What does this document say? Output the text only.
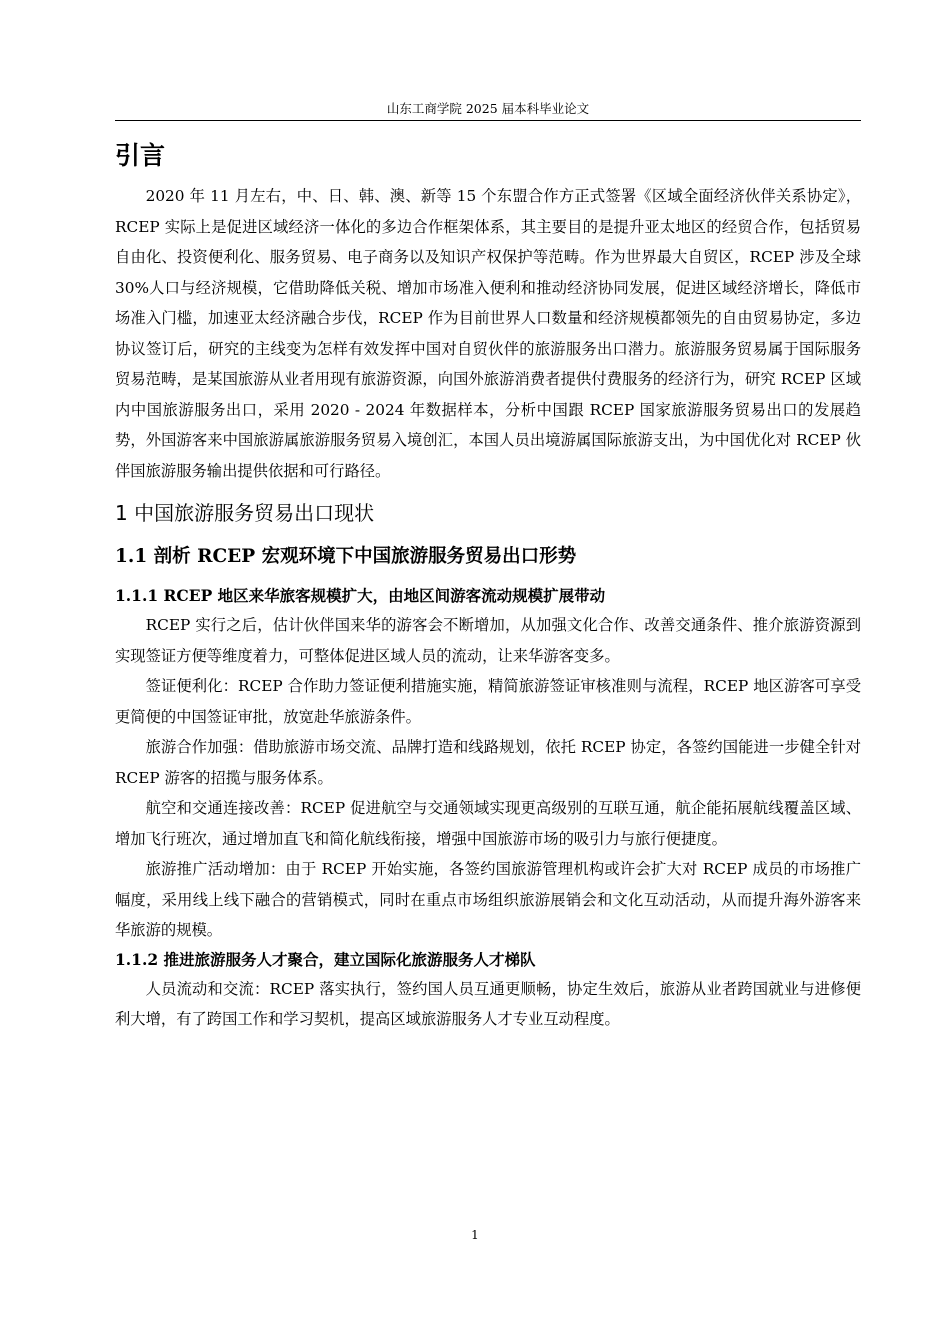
山东工商学院 2025 届本科毕业论文
引言

2020 年 11 月左右，中、日、韩、澳、新等 15 个东盟合作方正式签署《区域全面经济伙伴关系协定》，RCEP 实际上是促进区域经济一体化的多边合作框架体系，其主要目的是提升亚太地区的经贸合作，包括贸易自由化、投资便利化、服务贸易、电子商务以及知识产权保护等范畴。作为世界最大自贸区，RCEP 涉及全球 30%人口与经济规模，它借助降低关税、增加市场准入便利和推动经济协同发展，促进区域经济增长，降低市场准入门槛，加速亚太经济融合步伐，RCEP 作为目前世界人口数量和经济规模都领先的自由贸易协定，多边协议签订后，研究的主线变为怎样有效发挥中国对自贸伙伴的旅游服务出口潜力。旅游服务贸易属于国际服务贸易范畴，是某国旅游从业者用现有旅游资源，向国外旅游消费者提供付费服务的经济行为，研究 RCEP 区域内中国旅游服务出口，采用 2020 - 2024 年数据样本，分析中国跟 RCEP 国家旅游服务贸易出口的发展趋势，外国游客来中国旅游属旅游服务贸易入境创汇，本国人员出境游属国际旅游支出，为中国优化对 RCEP 伙伴国旅游服务输出提供依据和可行路径。

1 中国旅游服务贸易出口现状
1.1 剖析 RCEP 宏观环境下中国旅游服务贸易出口形势
1.1.1 RCEP 地区来华旅客规模扩大，由地区间游客流动规模扩展带动

RCEP 实行之后，估计伙伴国来华的游客会不断增加，从加强文化合作、改善交通条件、推介旅游资源到实现签证方便等维度着力，可整体促进区域人员的流动，让来华游客变多。

签证便利化：RCEP 合作助力签证便利措施实施，精简旅游签证审核准则与流程，RCEP 地区游客可享受更简便的中国签证审批，放宽赴华旅游条件。

旅游合作加强：借助旅游市场交流、品牌打造和线路规划，依托 RCEP 协定，各签约国能进一步健全针对 RCEP 游客的招揽与服务体系。

航空和交通连接改善：RCEP 促进航空与交通领域实现更高级别的互联互通，航企能拓展航线覆盖区域、增加飞行班次，通过增加直飞和简化航线衔接，增强中国旅游市场的吸引力与旅行便捷度。

旅游推广活动增加：由于 RCEP 开始实施，各签约国旅游管理机构或许会扩大对 RCEP 成员的市场推广幅度，采用线上线下融合的营销模式，同时在重点市场组织旅游展销会和文化互动活动，从而提升海外游客来华旅游的规模。

1.1.2 推进旅游服务人才聚合，建立国际化旅游服务人才梯队

人员流动和交流：RCEP 落实执行，签约国人员互通更顺畅，协定生效后，旅游从业者跨国就业与进修便利大增，有了跨国工作和学习契机，提高区域旅游服务人才专业互动程度。

1
